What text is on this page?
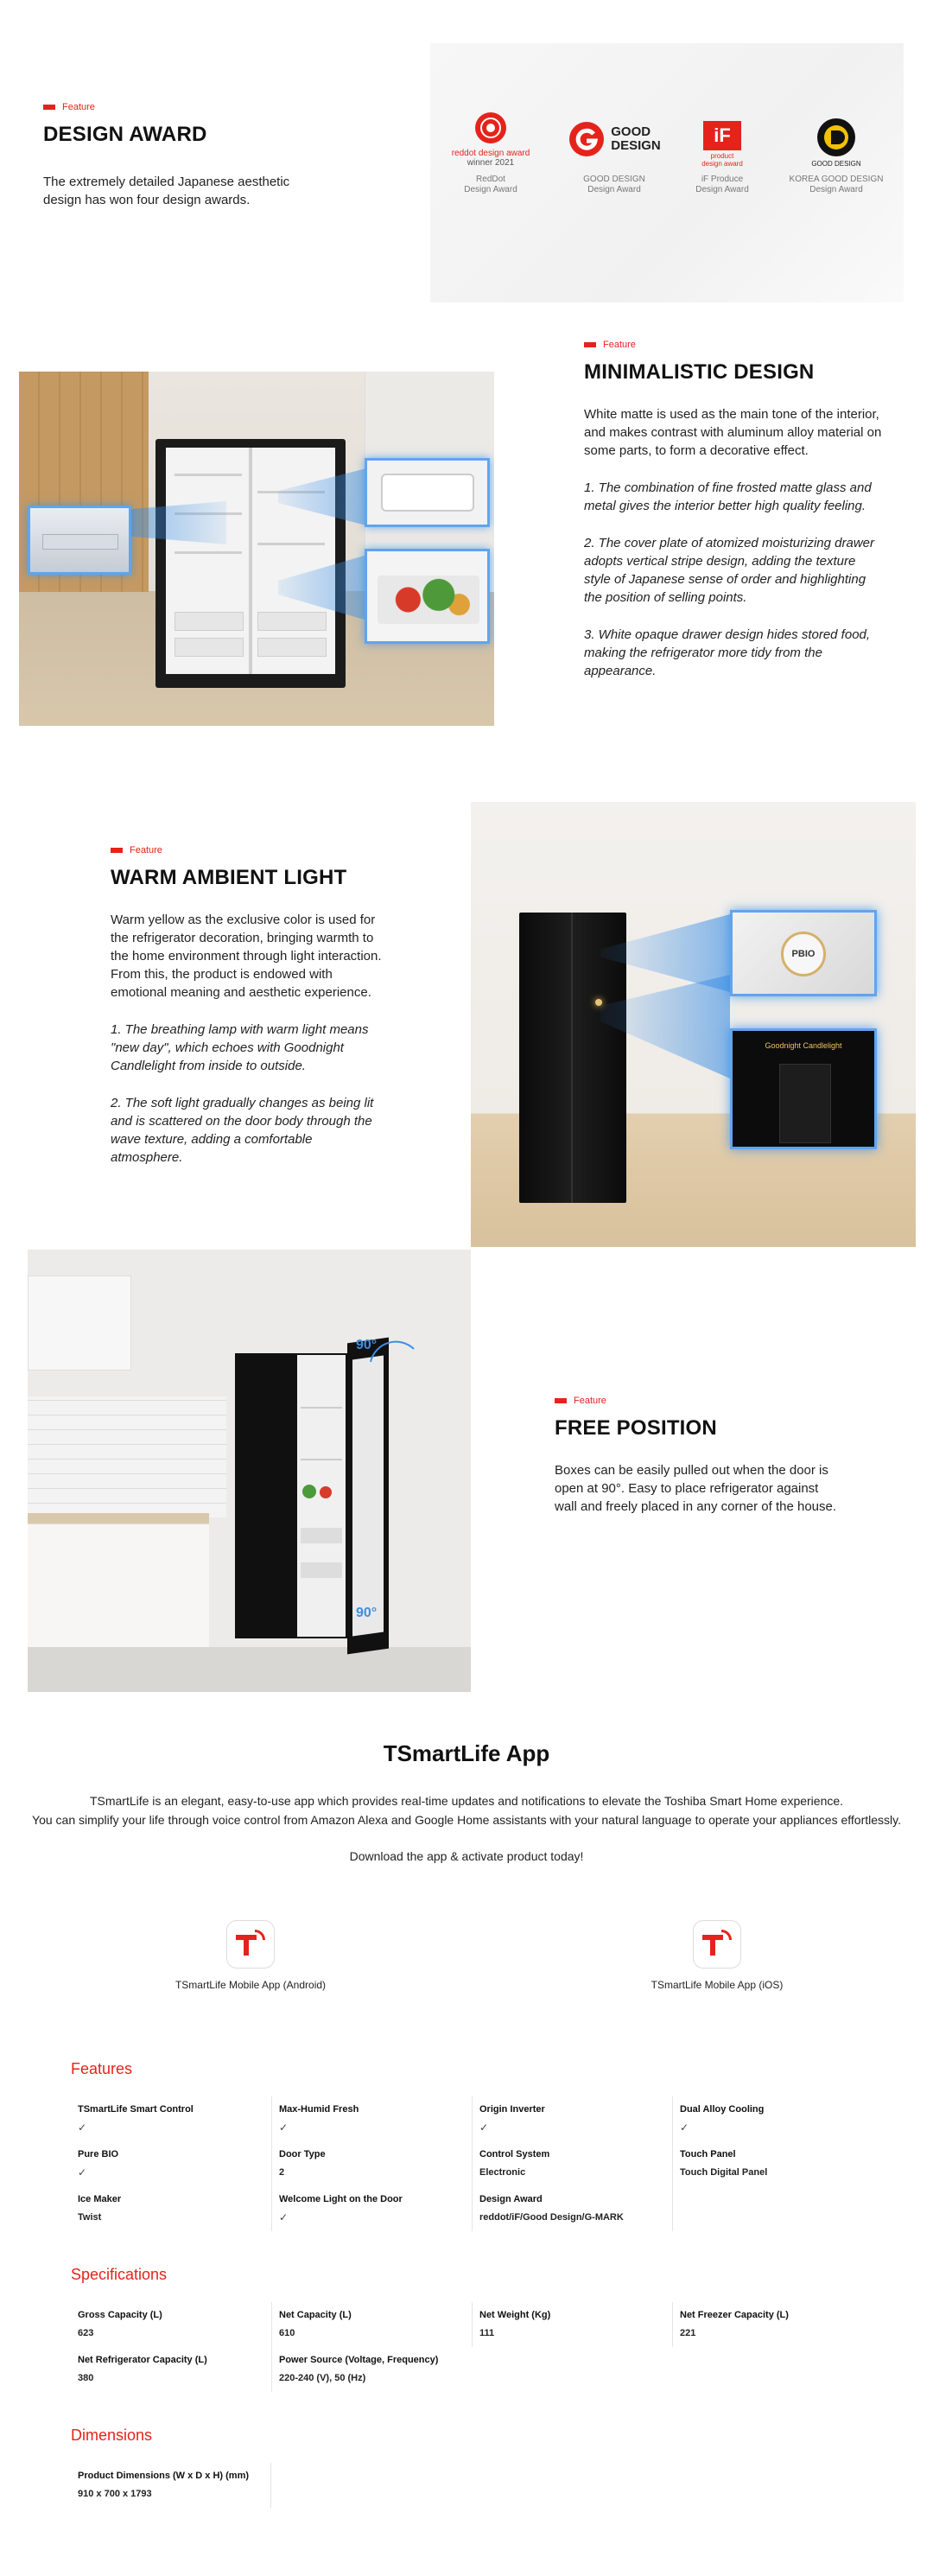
Feature
DESIGN AWARD
The extremely detailed Japanese aesthetic design has won four design awards.
reddot design award
winner 2021
RedDot
Design Award
GOOD
DESIGN
GOOD DESIGN
Design Award
iF
product
design award
iF Produce
Design Award
GOOD DESIGN
KOREA GOOD DESIGN
Design Award
Feature
MINIMALISTIC DESIGN
White matte is used as the main tone of the interior, and makes contrast with aluminum alloy material on some parts, to form a decorative effect.
1. The combination of fine frosted matte glass and metal gives the interior better high quality feeling.
2. The cover plate of atomized moisturizing drawer adopts vertical stripe design, adding the texture style of Japanese sense of order and highlighting the position of selling points.
3. White opaque drawer design hides stored food, making the refrigerator more tidy from the appearance.
Feature
WARM AMBIENT LIGHT
Warm yellow as the exclusive color is used for the refrigerator decoration, bringing warmth to the home environment through light interaction. From this, the product is endowed with emotional meaning and aesthetic experience.
1. The breathing lamp with warm light means "new day", which echoes with Goodnight Candlelight from inside to outside.
2. The soft light gradually changes as being lit and is scattered on the door body through the wave texture, adding a comfortable atmosphere.
PBIO
Goodnight Candlelight
90°
90°
Feature
FREE POSITION
Boxes can be easily pulled out when the door is open at 90°. Easy to place refrigerator against wall and freely placed in any corner of the house.
TSmartLife App
TSmartLife is an elegant, easy-to-use app which provides real-time updates and notifications to elevate the Toshiba Smart Home experience.
You can simplify your life through voice control from Amazon Alexa and Google Home assistants with your natural language to operate your appliances effortlessly.
Download the app & activate product today!
TSmartLife Mobile App (Android)	TSmartLife Mobile App (iOS)
Features
TSmartLife Smart Control
✓
Max-Humid Fresh
✓
Origin Inverter
✓
Dual Alloy Cooling
✓
Pure BIO
✓
Door Type
2
Control System
Electronic
Touch Panel
Touch Digital Panel
Ice Maker
Twist
Welcome Light on the Door
✓
Design Award
reddot/iF/Good Design/G-MARK
Specifications
Gross Capacity (L)
623
Net Capacity (L)
610
Net Weight (Kg)
111
Net Freezer Capacity (L)
221
Net Refrigerator Capacity (L)
380
Power Source (Voltage, Frequency)
220-240 (V), 50 (Hz)
Dimensions
Product Dimensions (W x D x H) (mm)
910 x 700 x 1793
